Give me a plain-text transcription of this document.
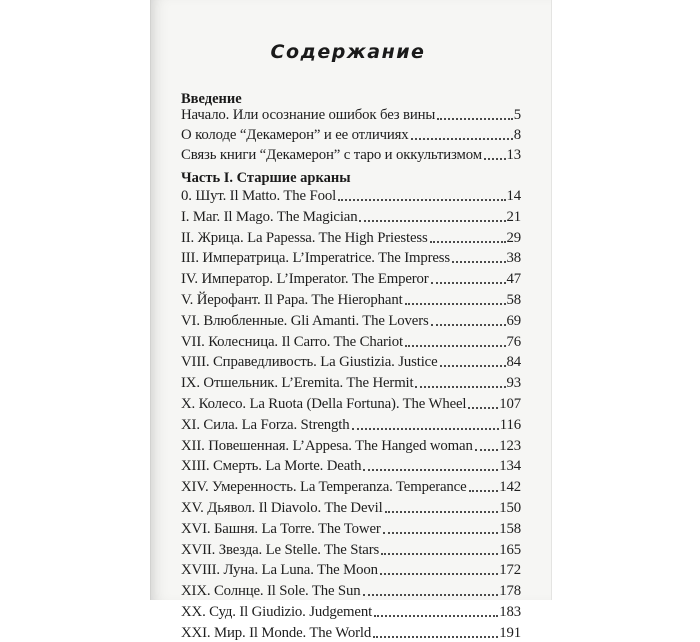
Содержание
Введение
Начало. Или осознание ошибок без вины	5
О колоде “Декамерон” и ее отличиях	8
Связь книги “Декамерон” с таро и оккультизмом 13
Часть I. Старшие арканы
0. Шут. Il Matto. The Fool	14
I. Маг. Il Mago. The Magician	21
II. Жрица. La Papessa. The High Priestess	29
III. Императрица. L’Imperatrice. The Impress	38
IV. Император. L’Imperator. The Emperor	47
V. Йерофант. Il Papa. The Hierophant	58
VI. Влюбленные. Gli Amanti. The Lovers	69
VII. Колесница. Il Carro. The Chariot	76
VIII. Справедливость. La Giustizia. Justice	84
IX. Отшельник. L’Eremita. The Hermit	93
X. Колесо. La Ruota (Della Fortuna). The Wheel 107
XI. Сила. La Forza. Strength	116
XII. Повешенная. L’Appesa. The Hanged woman 123
XIII. Смерть. La Morte. Death	134
XIV. Умеренность. La Temperanza. Temperance 142
XV. Дьявол. Il Diavolo. The Devil	150
XVI. Башня. La Torre. The Tower	158
XVII. Звезда. Le Stelle. The Stars	165
XVIII. Луна. La Luna. The Moon	172
XIX. Солнце. Il Sole. The Sun	178
XX. Суд. Il Giudizio. Judgement	183
XXI. Мир. Il Monde. The World	191
